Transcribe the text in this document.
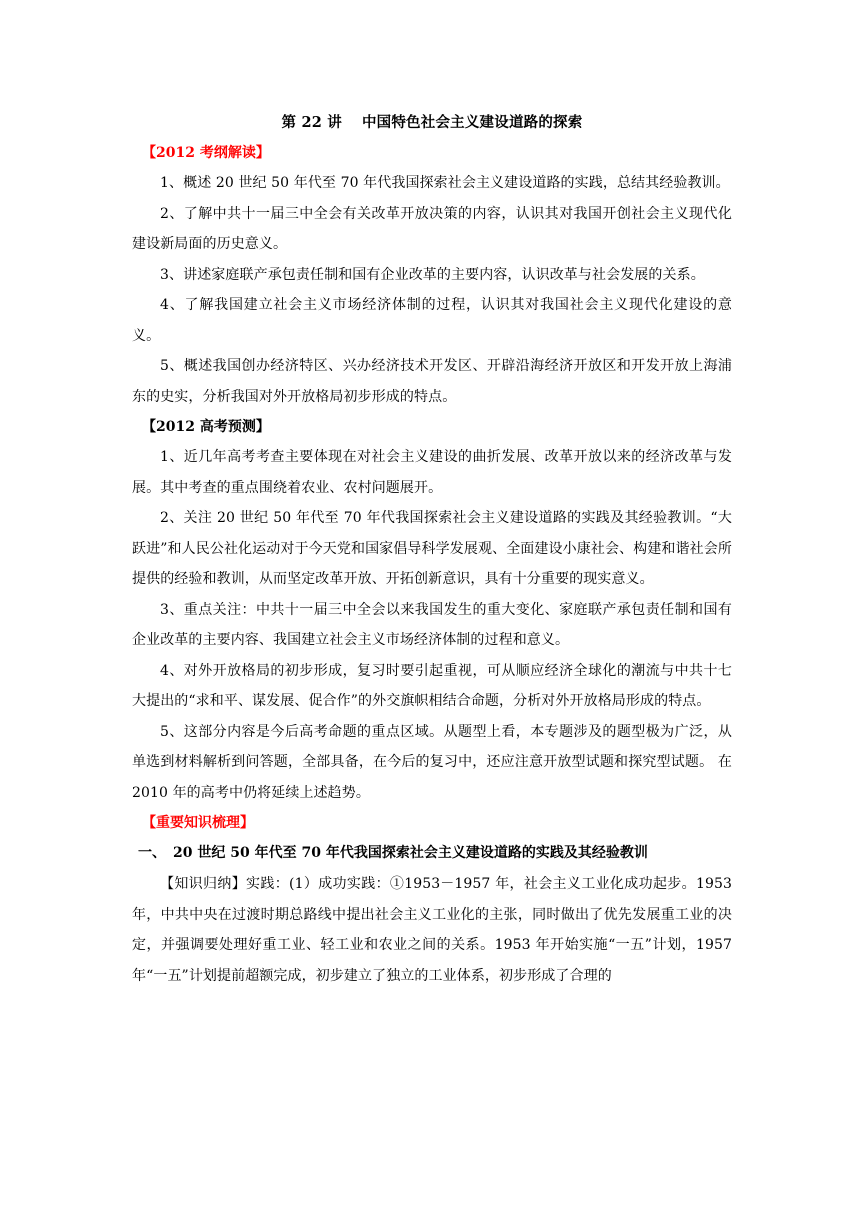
第 22 讲　 中国特色社会主义建设道路的探索

【2012 考纲解读】

1、概述 20 世纪 50 年代至 70 年代我国探索社会主义建设道路的实践，总结其经验教训。

2、了解中共十一届三中全会有关改革开放决策的内容，认识其对我国开创社会主义现代化建设新局面的历史意义。

3、讲述家庭联产承包责任制和国有企业改革的主要内容，认识改革与社会发展的关系。

4、了解我国建立社会主义市场经济体制的过程，认识其对我国社会主义现代化建设的意义。

5、概述我国创办经济特区、兴办经济技术开发区、开辟沿海经济开放区和开发开放上海浦东的史实，分析我国对外开放格局初步形成的特点。

【2012 高考预测】

1、近几年高考考查主要体现在对社会主义建设的曲折发展、改革开放以来的经济改革与发展。其中考查的重点围绕着农业、农村问题展开。

2、关注 20 世纪 50 年代至 70 年代我国探索社会主义建设道路的实践及其经验教训。“大跃进”和人民公社化运动对于今天党和国家倡导科学发展观、全面建设小康社会、构建和谐社会所提供的经验和教训，从而坚定改革开放、开拓创新意识，具有十分重要的现实意义。

3、重点关注：中共十一届三中全会以来我国发生的重大变化、家庭联产承包责任制和国有企业改革的主要内容、我国建立社会主义市场经济体制的过程和意义。

4、对外开放格局的初步形成，复习时要引起重视，可从顺应经济全球化的潮流与中共十七大提出的“求和平、谋发展、促合作”的外交旗帜相结合命题，分析对外开放格局形成的特点。

5、这部分内容是今后高考命题的重点区域。从题型上看，本专题涉及的题型极为广泛，从单选到材料解析到问答题，全部具备，在今后的复习中，还应注意开放型试题和探究型试题。 在 2010 年的高考中仍将延续上述趋势。

【重要知识梳理】

一、　20 世纪 50 年代至 70 年代我国探索社会主义建设道路的实践及其经验教训

【知识归纳】实践：(1）成功实践：①1953－1957 年，社会主义工业化成功起步。1953 年，中共中央在过渡时期总路线中提出社会主义工业化的主张，同时做出了优先发展重工业的决定，并强调要处理好重工业、轻工业和农业之间的关系。1953 年开始实施“一五”计划，1957 年“一五”计划提前超额完成，初步建立了独立的工业体系，初步形成了合理的
